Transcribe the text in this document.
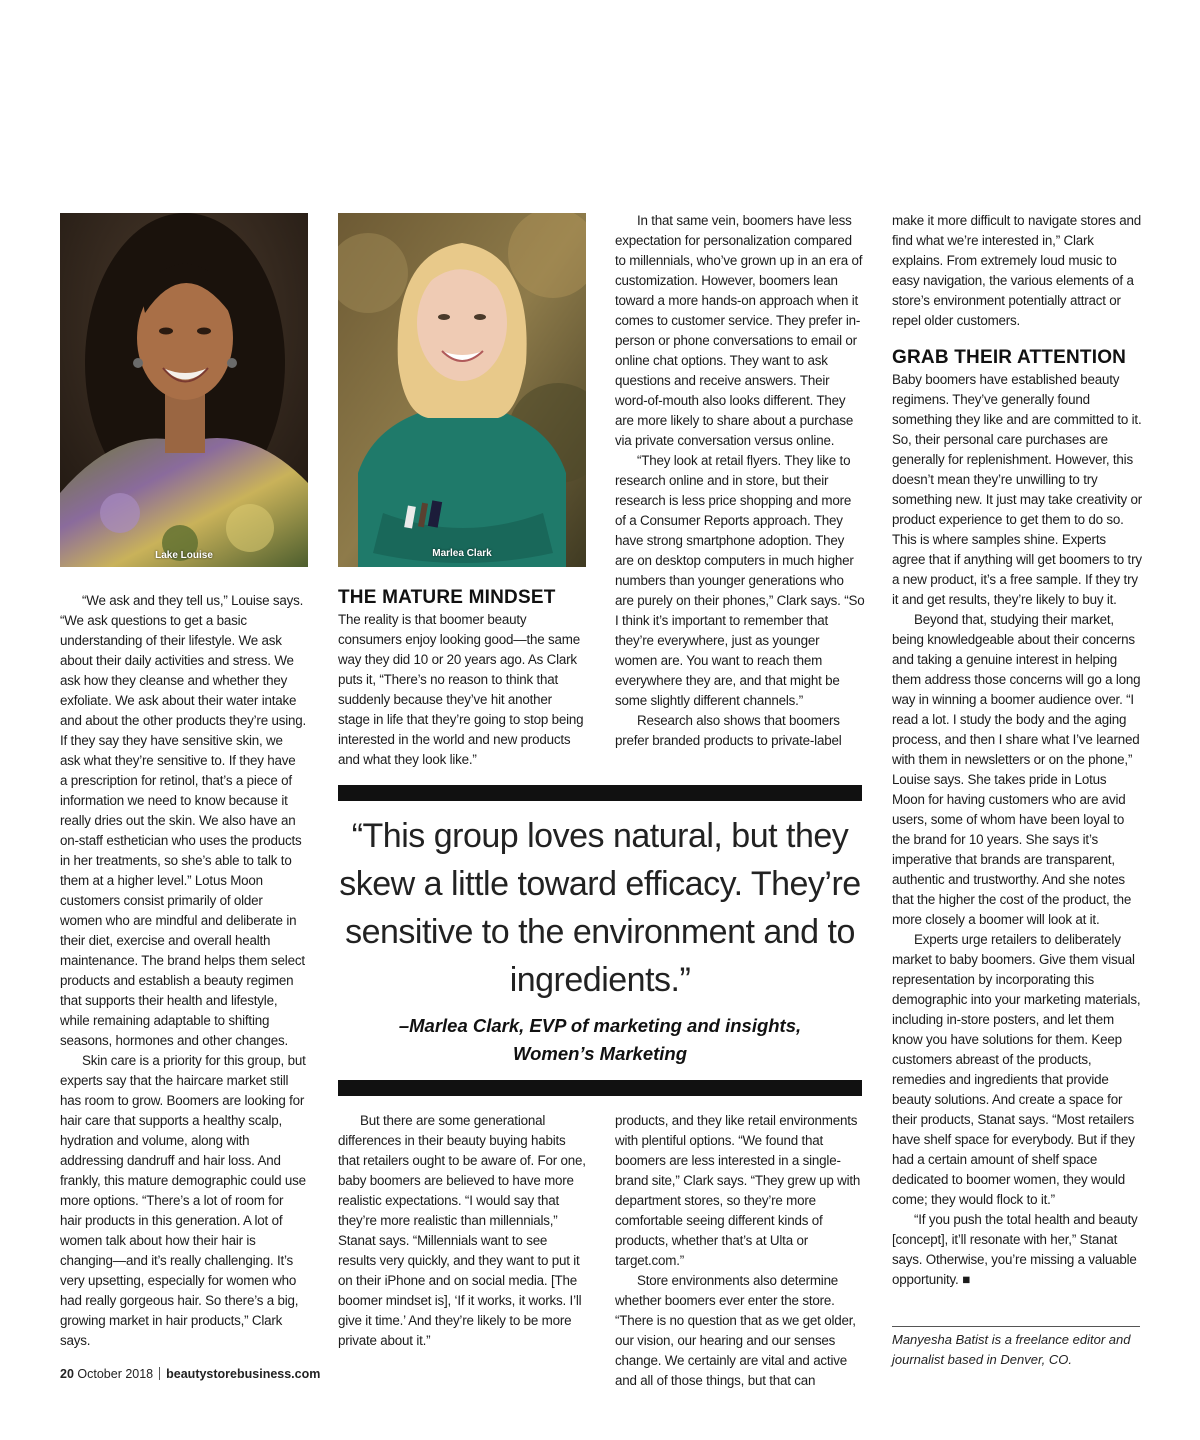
Lake Louise	Marlea Clark

“We ask and they tell us,” Louise says. “We ask questions to get a basic understanding of their lifestyle. We ask about their daily activities and stress. We ask how they cleanse and whether they exfoliate. We ask about their water intake and about the other products they’re using. If they say they have sensitive skin, we ask what they’re sensitive to. If they have a prescription for retinol, that’s a piece of information we need to know because it really dries out the skin. We also have an on-staff esthetician who uses the products in her treatments, so she’s able to talk to them at a higher level.” Lotus Moon customers consist primarily of older women who are mindful and deliberate in their diet, exercise and overall health maintenance. The brand helps them select products and establish a beauty regimen that supports their health and lifestyle, while remaining adaptable to shifting seasons, hormones and other changes.

Skin care is a priority for this group, but experts say that the haircare market still has room to grow. Boomers are looking for hair care that supports a healthy scalp, hydration and volume, along with addressing dandruff and hair loss. And frankly, this mature demographic could use more options. “There’s a lot of room for hair products in this generation. A lot of women talk about how their hair is changing—and it’s really challenging. It’s very upsetting, especially for women who had really gorgeous hair. So there’s a big, growing market in hair products,” Clark says.

THE MATURE MINDSET

The reality is that boomer beauty consumers enjoy looking good—the same way they did 10 or 20 years ago. As Clark puts it, “There’s no reason to think that suddenly because they’ve hit another stage in life that they’re going to stop being interested in the world and new products and what they look like.”

In that same vein, boomers have less expectation for personalization compared to millennials, who’ve grown up in an era of customization. However, boomers lean toward a more hands-on approach when it comes to customer service. They prefer in-person or phone conversations to email or online chat options. They want to ask questions and receive answers. Their word-of-mouth also looks different. They are more likely to share about a purchase via private conversation versus online.

“They look at retail flyers. They like to research online and in store, but their research is less price shopping and more of a Consumer Reports approach. They have strong smartphone adoption. They are on desktop computers in much higher numbers than younger generations who are purely on their phones,” Clark says. “So I think it’s important to remember that they’re everywhere, just as younger women are. You want to reach them everywhere they are, and that might be some slightly different channels.”

Research also shows that boomers prefer branded products to private-label

“This group loves natural, but they skew a little toward efficacy. They’re sensitive to the environment and to ingredients.”
–Marlea Clark, EVP of marketing and insights,
Women’s Marketing

But there are some generational differences in their beauty buying habits that retailers ought to be aware of. For one, baby boomers are believed to have more realistic expectations. “I would say that they’re more realistic than millennials,” Stanat says. “Millennials want to see results very quickly, and they want to put it on their iPhone and on social media. [The boomer mindset is], ‘If it works, it works. I’ll give it time.’ And they’re likely to be more private about it.”

products, and they like retail environments with plentiful options. “We found that boomers are less interested in a single-brand site,” Clark says. “They grew up with department stores, so they’re more comfortable seeing different kinds of products, whether that’s at Ulta or target.com.”

Store environments also determine whether boomers ever enter the store. “There is no question that as we get older, our vision, our hearing and our senses change. We certainly are vital and active and all of those things, but that can

make it more difficult to navigate stores and find what we’re interested in,” Clark explains. From extremely loud music to easy navigation, the various elements of a store’s environment potentially attract or repel older customers.

GRAB THEIR ATTENTION

Baby boomers have established beauty regimens. They’ve generally found something they like and are committed to it. So, their personal care purchases are generally for replenishment. However, this doesn’t mean they’re unwilling to try something new. It just may take creativity or product experience to get them to do so. This is where samples shine. Experts agree that if anything will get boomers to try a new product, it’s a free sample. If they try it and get results, they’re likely to buy it.

Beyond that, studying their market, being knowledgeable about their concerns and taking a genuine interest in helping them address those concerns will go a long way in winning a boomer audience over. “I read a lot. I study the body and the aging process, and then I share what I’ve learned with them in newsletters or on the phone,” Louise says. She takes pride in Lotus Moon for having customers who are avid users, some of whom have been loyal to the brand for 10 years. She says it’s imperative that brands are transparent, authentic and trustworthy. And she notes that the higher the cost of the product, the more closely a boomer will look at it.

Experts urge retailers to deliberately market to baby boomers. Give them visual representation by incorporating this demographic into your marketing materials, including in-store posters, and let them know you have solutions for them. Keep customers abreast of the products, remedies and ingredients that provide beauty solutions. And create a space for their products, Stanat says. “Most retailers have shelf space for everybody. But if they had a certain amount of shelf space dedicated to boomer women, they would come; they would flock to it.”

“If you push the total health and beauty [concept], it’ll resonate with her,” Stanat says. Otherwise, you’re missing a valuable opportunity. ■

Manyesha Batist is a freelance editor and journalist based in Denver, CO.
20 October 2018 beautystorebusiness.com
